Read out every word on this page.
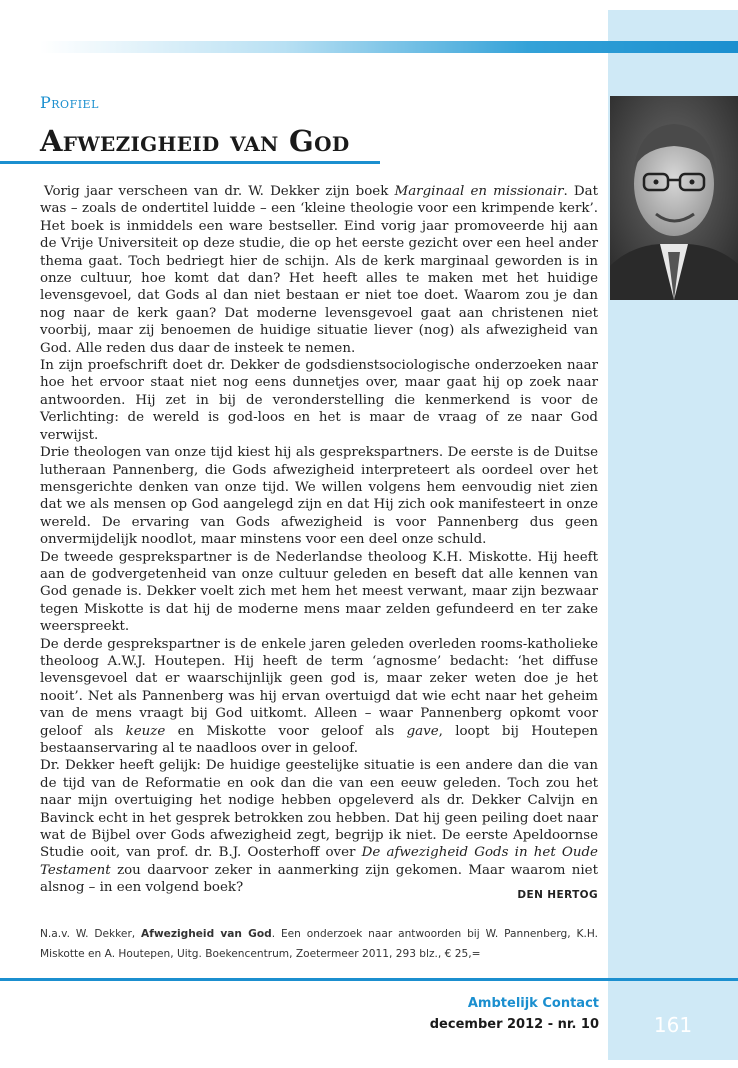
Profiel
Afwezigheid van God

Vorig jaar verscheen van dr. W. Dekker zijn boek Marginaal en missionair. Dat was – zoals de ondertitel luidde – een ‘kleine theologie voor een krimpende kerk’. Het boek is inmiddels een ware bestseller. Eind vorig jaar promoveerde hij aan de Vrije Universiteit op deze studie, die op het eerste gezicht over een heel ander thema gaat. Toch bedriegt hier de schijn. Als de kerk marginaal geworden is in onze cultuur, hoe komt dat dan? Het heeft alles te maken met het huidige levensgevoel, dat Gods al dan niet bestaan er niet toe doet. Waarom zou je dan nog naar de kerk gaan? Dat moderne levensgevoel gaat aan christenen niet voorbij, maar zij benoemen de huidige situatie liever (nog) als afwezigheid van God. Alle reden dus daar de insteek te nemen.

In zijn proefschrift doet dr. Dekker de godsdienstsociologische onderzoeken naar hoe het ervoor staat niet nog eens dunnetjes over, maar gaat hij op zoek naar antwoorden. Hij zet in bij de veronderstelling die kenmerkend is voor de Verlichting: de wereld is god-loos en het is maar de vraag of ze naar God verwijst.

Drie theologen van onze tijd kiest hij als gesprekspartners. De eerste is de Duitse lutheraan Pannenberg, die Gods afwezigheid interpreteert als oordeel over het mensgerichte denken van onze tijd. We willen volgens hem eenvoudig niet zien dat we als mensen op God aangelegd zijn en dat Hij zich ook manifesteert in onze wereld. De ervaring van Gods afwezigheid is voor Pannenberg dus geen onvermijdelijk noodlot, maar minstens voor een deel onze schuld.

De tweede gesprekspartner is de Nederlandse theoloog K.H. Miskotte. Hij heeft aan de godvergetenheid van onze cultuur geleden en beseft dat alle kennen van God genade is. Dekker voelt zich met hem het meest verwant, maar zijn bezwaar tegen Miskotte is dat hij de moderne mens maar zelden gefundeerd en ter zake weerspreekt.

De derde gesprekspartner is de enkele jaren geleden overleden rooms-katholieke theoloog A.W.J. Houtepen. Hij heeft de term ‘agnosme’ bedacht: ‘het diffuse levensgevoel dat er waarschijnlijk geen god is, maar zeker weten doe je het nooit’. Net als Pannenberg was hij ervan overtuigd dat wie echt naar het geheim van de mens vraagt bij God uitkomt. Alleen – waar Pannenberg opkomt voor geloof als keuze en Miskotte voor geloof als gave, loopt bij Houtepen bestaanservaring al te naadloos over in geloof.

Dr. Dekker heeft gelijk: De huidige geestelijke situatie is een andere dan die van de tijd van de Reformatie en ook dan die van een eeuw geleden. Toch zou het naar mijn overtuiging het nodige hebben opgeleverd als dr. Dekker Calvijn en Bavinck echt in het gesprek betrokken zou hebben. Dat hij geen peiling doet naar wat de Bijbel over Gods afwezigheid zegt, begrijp ik niet. De eerste Apeldoornse Studie ooit, van prof. dr. B.J. Oosterhoff over De afwezigheid Gods in het Oude Testament zou daarvoor zeker in aanmerking zijn gekomen. Maar waarom niet alsnog – in een volgend boek?	DEN HERTOG
N.a.v. W. Dekker, Afwezigheid van God. Een onderzoek naar antwoorden bij W. Pannenberg, K.H. Miskotte en A. Houtepen, Uitg. Boekencentrum, Zoetermeer 2011, 293 blz., € 25,=
Ambtelijk Contact
december 2012 - nr. 10	161
